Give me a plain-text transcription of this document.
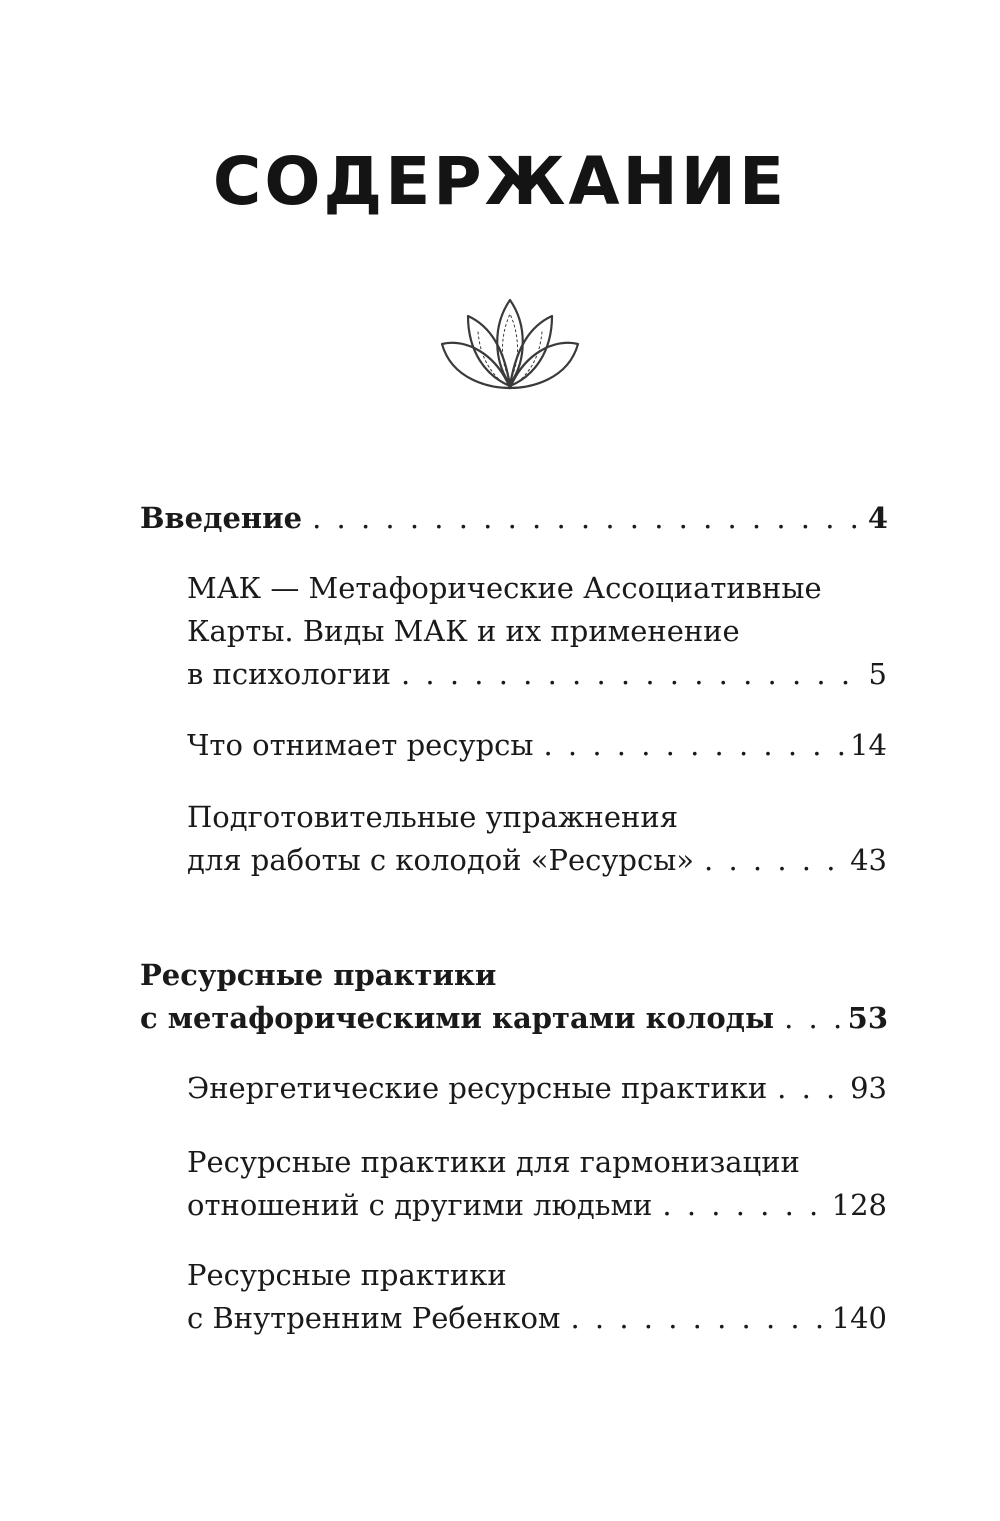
СОДЕРЖАНИЕ
Введение . . .	4
МАК — Метафорические Ассоциативные
Карты. Виды МАК и их применение
в психологии . . .	5
Что отнимает ресурсы . . .	14
Подготовительные упражнения
для работы с колодой «Ресурсы» . . .	43
Ресурсные практики
с метафорическими картами колоды . . .	53
Энергетические ресурсные практики . . .	93
Ресурсные практики для гармонизации
отношений с другими людьми . . .	128
Ресурсные практики
с Внутренним Ребенком . . .	140
